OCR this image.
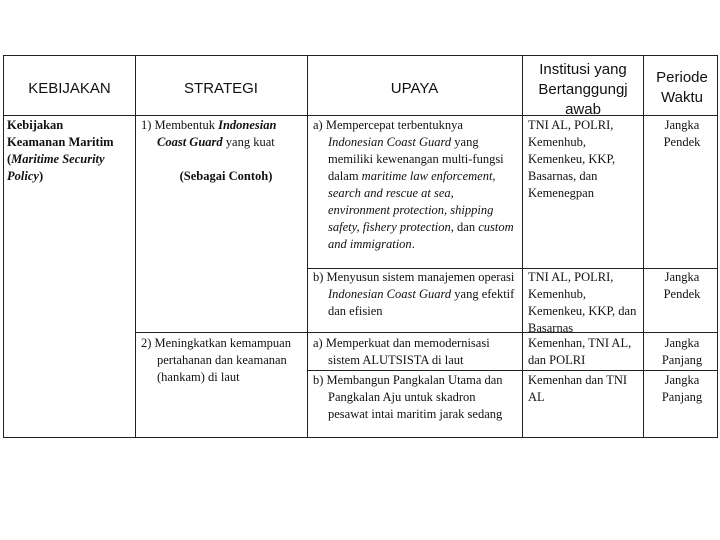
KEBIJAKAN	STRATEGI	UPAYA
Institusi yang Bertanggungj awab
Periode Waktu
Kebijakan
Keamanan Maritim
(Maritime Security
Policy)
1) Membentuk Indonesian Coast Guard yang kuat
(Sebagai Contoh)
2) Meningkatkan kemampuan pertahanan dan keamanan (hankam) di laut
a) Mempercepat terbentuknya Indonesian Coast Guard yang memiliki kewenangan multi-fungsi dalam maritime law enforcement, search and rescue at sea, environment protection, shipping safety, fishery protection, dan custom and immigration.
TNI AL, POLRI, Kemenhub, Kemenkeu, KKP, Basarnas, dan Kemenegpan
Jangka Pendek
b) Menyusun sistem manajemen operasi Indonesian Coast Guard yang efektif dan efisien
TNI AL, POLRI, Kemenhub, Kemenkeu, KKP, dan Basarnas
Jangka Pendek
a) Memperkuat dan memodernisasi sistem ALUTSISTA di laut
Kemenhan, TNI AL, dan POLRI
Jangka Panjang
b) Membangun Pangkalan Utama dan Pangkalan Aju untuk skadron pesawat intai maritim jarak sedang
Kemenhan dan TNI AL
Jangka Panjang
